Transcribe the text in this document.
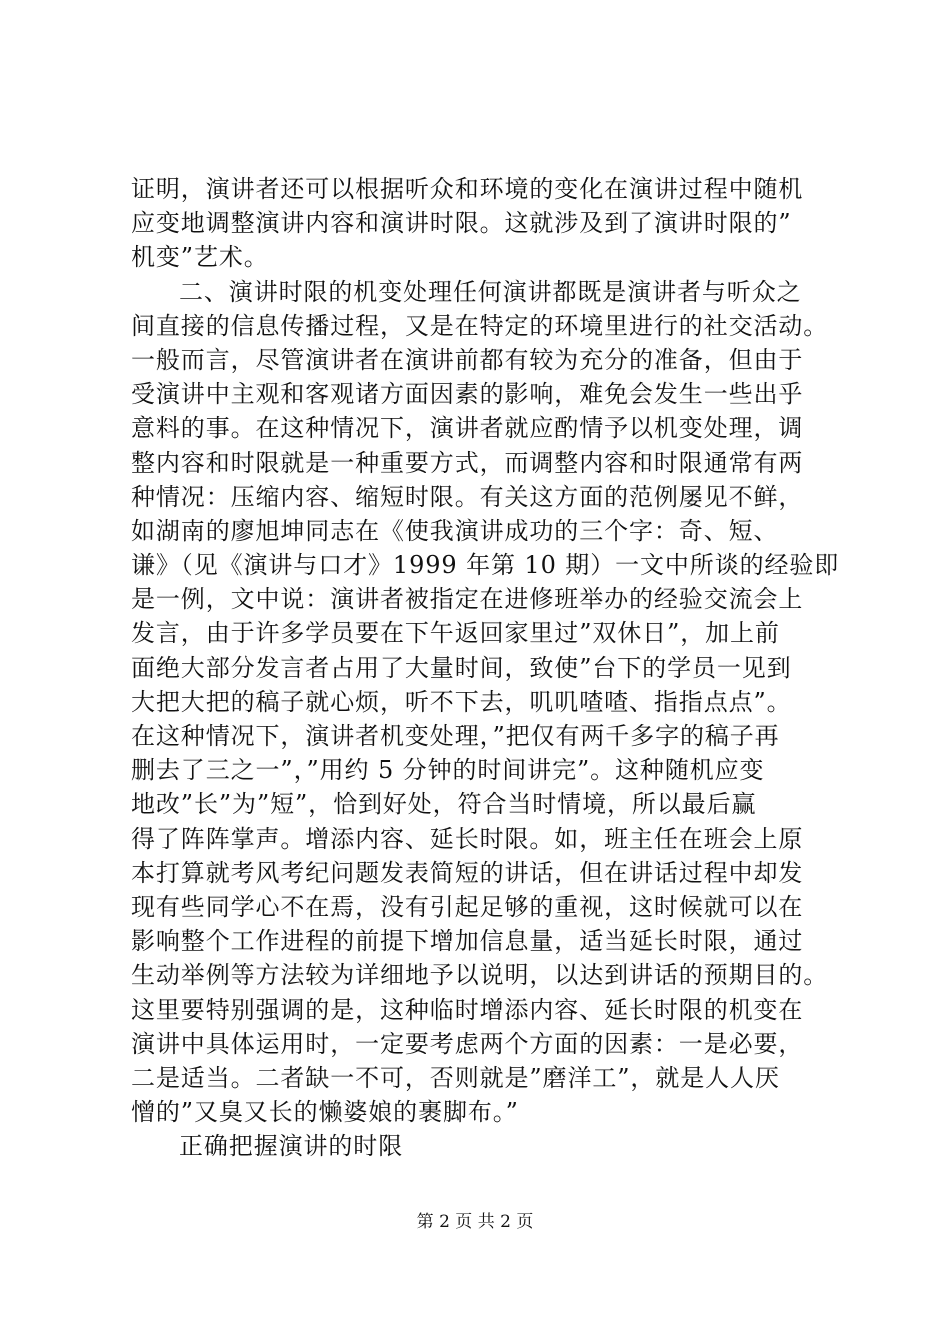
证明，演讲者还可以根据听众和环境的变化在演讲过程中随机
应变地调整演讲内容和演讲时限。这就涉及到了演讲时限的”
机变”艺术。
二、演讲时限的机变处理任何演讲都既是演讲者与听众之
间直接的信息传播过程，又是在特定的环境里进行的社交活动。
一般而言，尽管演讲者在演讲前都有较为充分的准备，但由于
受演讲中主观和客观诸方面因素的影响，难免会发生一些出乎
意料的事。在这种情况下，演讲者就应酌情予以机变处理，调
整内容和时限就是一种重要方式，而调整内容和时限通常有两
种情况：压缩内容、缩短时限。有关这方面的范例屡见不鲜，
如湖南的廖旭坤同志在《使我演讲成功的三个字：奇、短、
谦》（见《演讲与口才》1999 年第 10 期）一文中所谈的经验即
是一例，文中说：演讲者被指定在进修班举办的经验交流会上
发言，由于许多学员要在下午返回家里过”双休日”，加上前
面绝大部分发言者占用了大量时间，致使”台下的学员一见到
大把大把的稿子就心烦，听不下去，叽叽喳喳、指指点点”。
在这种情况下，演讲者机变处理，”把仅有两千多字的稿子再
删去了三之一”，”用约 5 分钟的时间讲完”。这种随机应变
地改”长”为”短”，恰到好处，符合当时情境，所以最后赢
得了阵阵掌声。增添内容、延长时限。如，班主任在班会上原
本打算就考风考纪问题发表简短的讲话，但在讲话过程中却发
现有些同学心不在焉，没有引起足够的重视，这时候就可以在
影响整个工作进程的前提下增加信息量，适当延长时限，通过
生动举例等方法较为详细地予以说明，以达到讲话的预期目的。
这里要特别强调的是，这种临时增添内容、延长时限的机变在
演讲中具体运用时，一定要考虑两个方面的因素：一是必要，
二是适当。二者缺一不可，否则就是”磨洋工”，就是人人厌
憎的”又臭又长的懒婆娘的裹脚布。”
正确把握演讲的时限
第 2 页 共 2 页
